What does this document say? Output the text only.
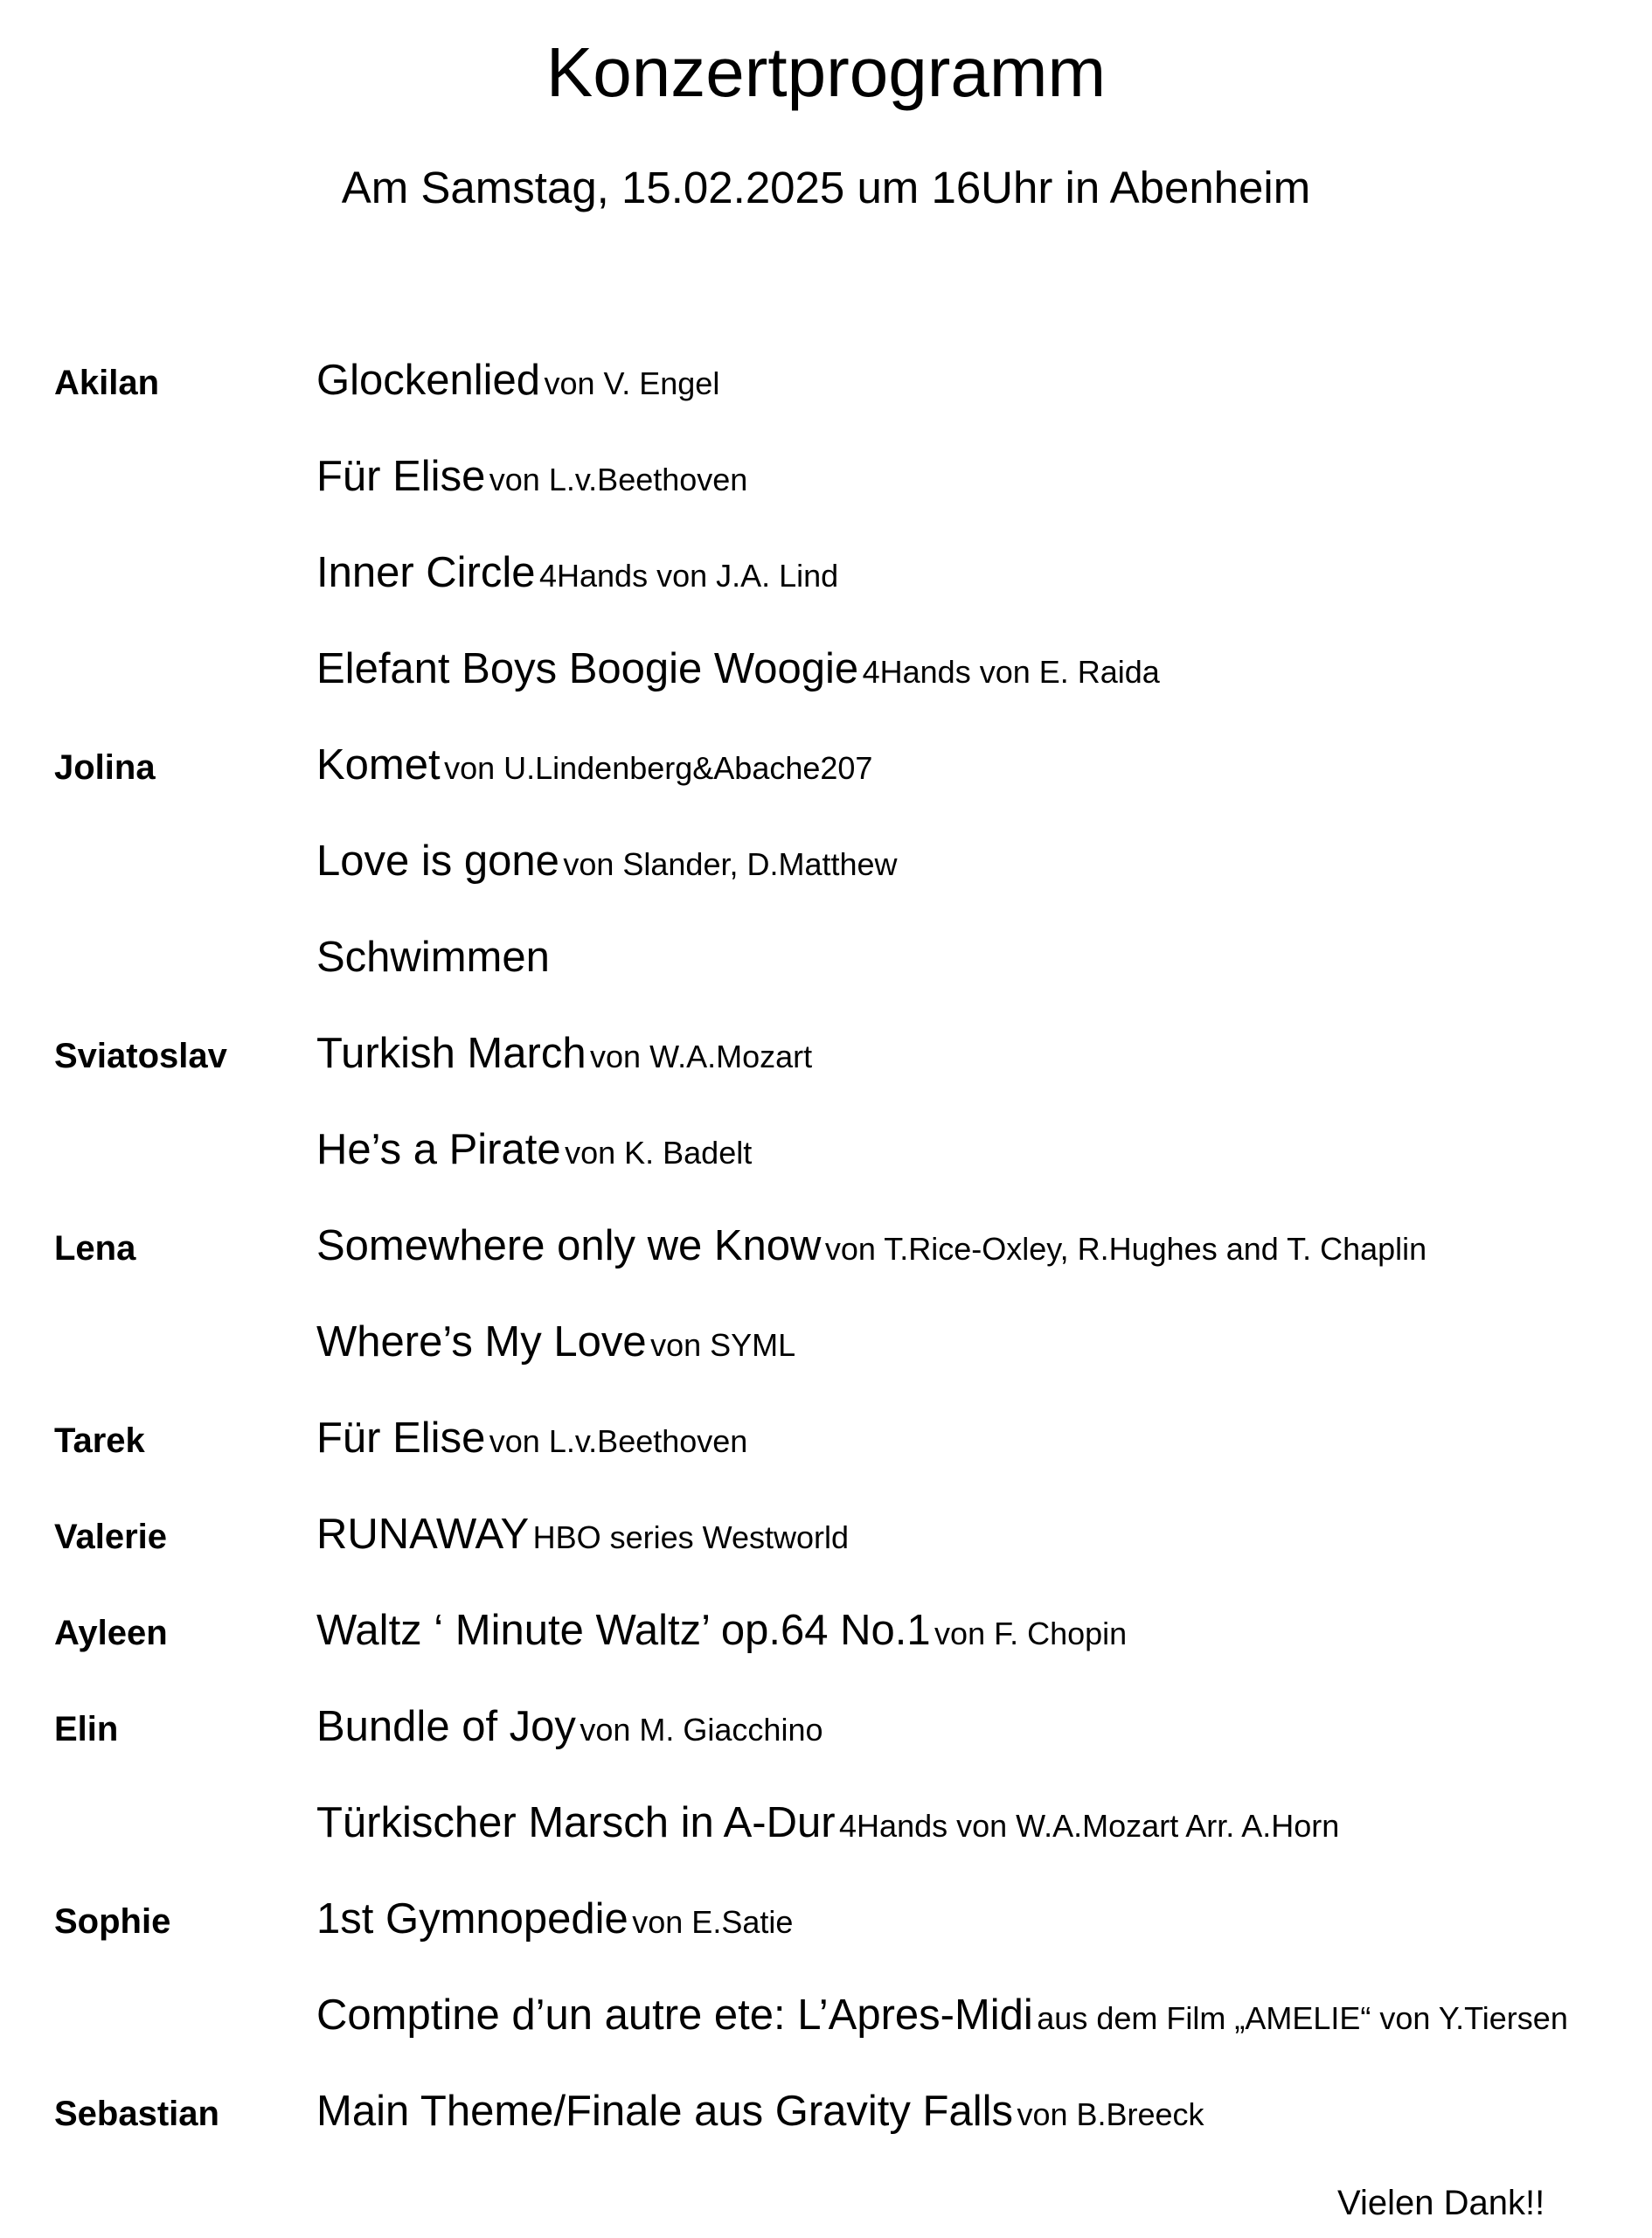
Konzertprogramm
Am Samstag, 15.02.2025 um 16Uhr in Abenheim
Akilan	Glockenlied von V. Engel
Für Elise von L.v.Beethoven
Inner Circle 4Hands von J.A. Lind
Elefant Boys Boogie Woogie 4Hands von E. Raida
Jolina	Komet von U.Lindenberg&Abache207
Love is gone von Slander, D.Matthew
Schwimmen
Sviatoslav Turkish March von W.A.Mozart
He’s a Pirate von K. Badelt
Lena	Somewhere only we Know von T.Rice-Oxley, R.Hughes and T. Chaplin
Where’s My Love von SYML
Tarek	Für Elise von L.v.Beethoven
Valerie	RUNAWAY HBO series Westworld
Ayleen	Waltz ‘ Minute Waltz’ op.64 No.1 von F. Chopin
Elin	Bundle of Joy von M. Giacchino
Türkischer Marsch in A-Dur 4Hands von W.A.Mozart Arr. A.Horn
Sophie	1st Gymnopedie von E.Satie
Comptine d’un autre ete: L’Apres-Midi aus dem Film „AMELIE“ von Y.Tiersen
Sebastian Main Theme/Finale aus Gravity Falls von B.Breeck
Vielen Dank!!
